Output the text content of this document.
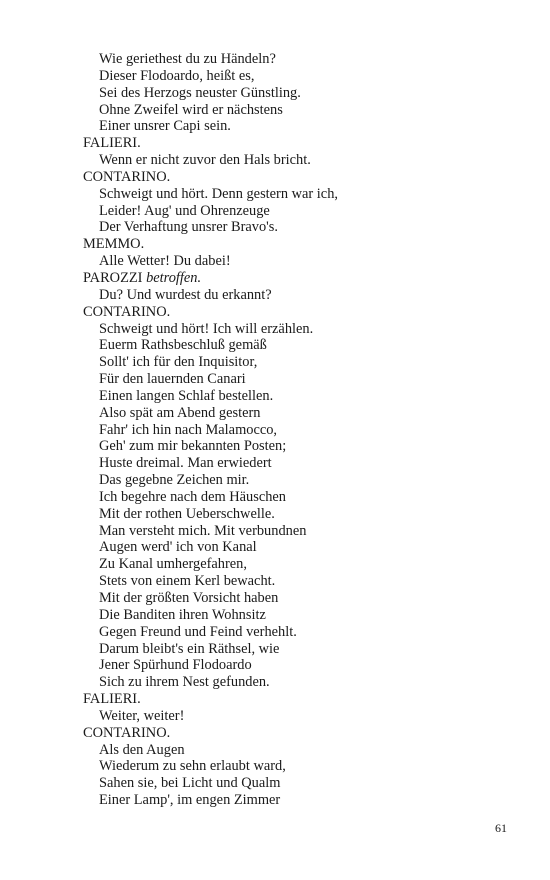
Wie geriethest du zu Händeln?
Dieser Flodoardo, heißt es,
Sei des Herzogs neuster Günstling.
Ohne Zweifel wird er nächstens
Einer unsrer Capi sein.
FALIERI.
Wenn er nicht zuvor den Hals bricht.
CONTARINO.
Schweigt und hört. Denn gestern war ich,
Leider! Aug' und Ohrenzeuge
Der Verhaftung unsrer Bravo's.
MEMMO.
Alle Wetter! Du dabei!
PAROZZI betroffen.
Du? Und wurdest du erkannt?
CONTARINO.
Schweigt und hört! Ich will erzählen.
Euerm Rathsbeschluß gemäß
Sollt' ich für den Inquisitor,
Für den lauernden Canari
Einen langen Schlaf bestellen.
Also spät am Abend gestern
Fahr' ich hin nach Malamocco,
Geh' zum mir bekannten Posten;
Huste dreimal. Man erwiedert
Das gegebne Zeichen mir.
Ich begehre nach dem Häuschen
Mit der rothen Ueberschwelle.
Man versteht mich. Mit verbundnen
Augen werd' ich von Kanal
Zu Kanal umhergefahren,
Stets von einem Kerl bewacht.
Mit der größten Vorsicht haben
Die Banditen ihren Wohnsitz
Gegen Freund und Feind verhehlt.
Darum bleibt's ein Räthsel, wie
Jener Spürhund Flodoardo
Sich zu ihrem Nest gefunden.
FALIERI.
Weiter, weiter!
CONTARINO.
Als den Augen
Wiederum zu sehn erlaubt ward,
Sahen sie, bei Licht und Qualm
Einer Lamp', im engen Zimmer
61
